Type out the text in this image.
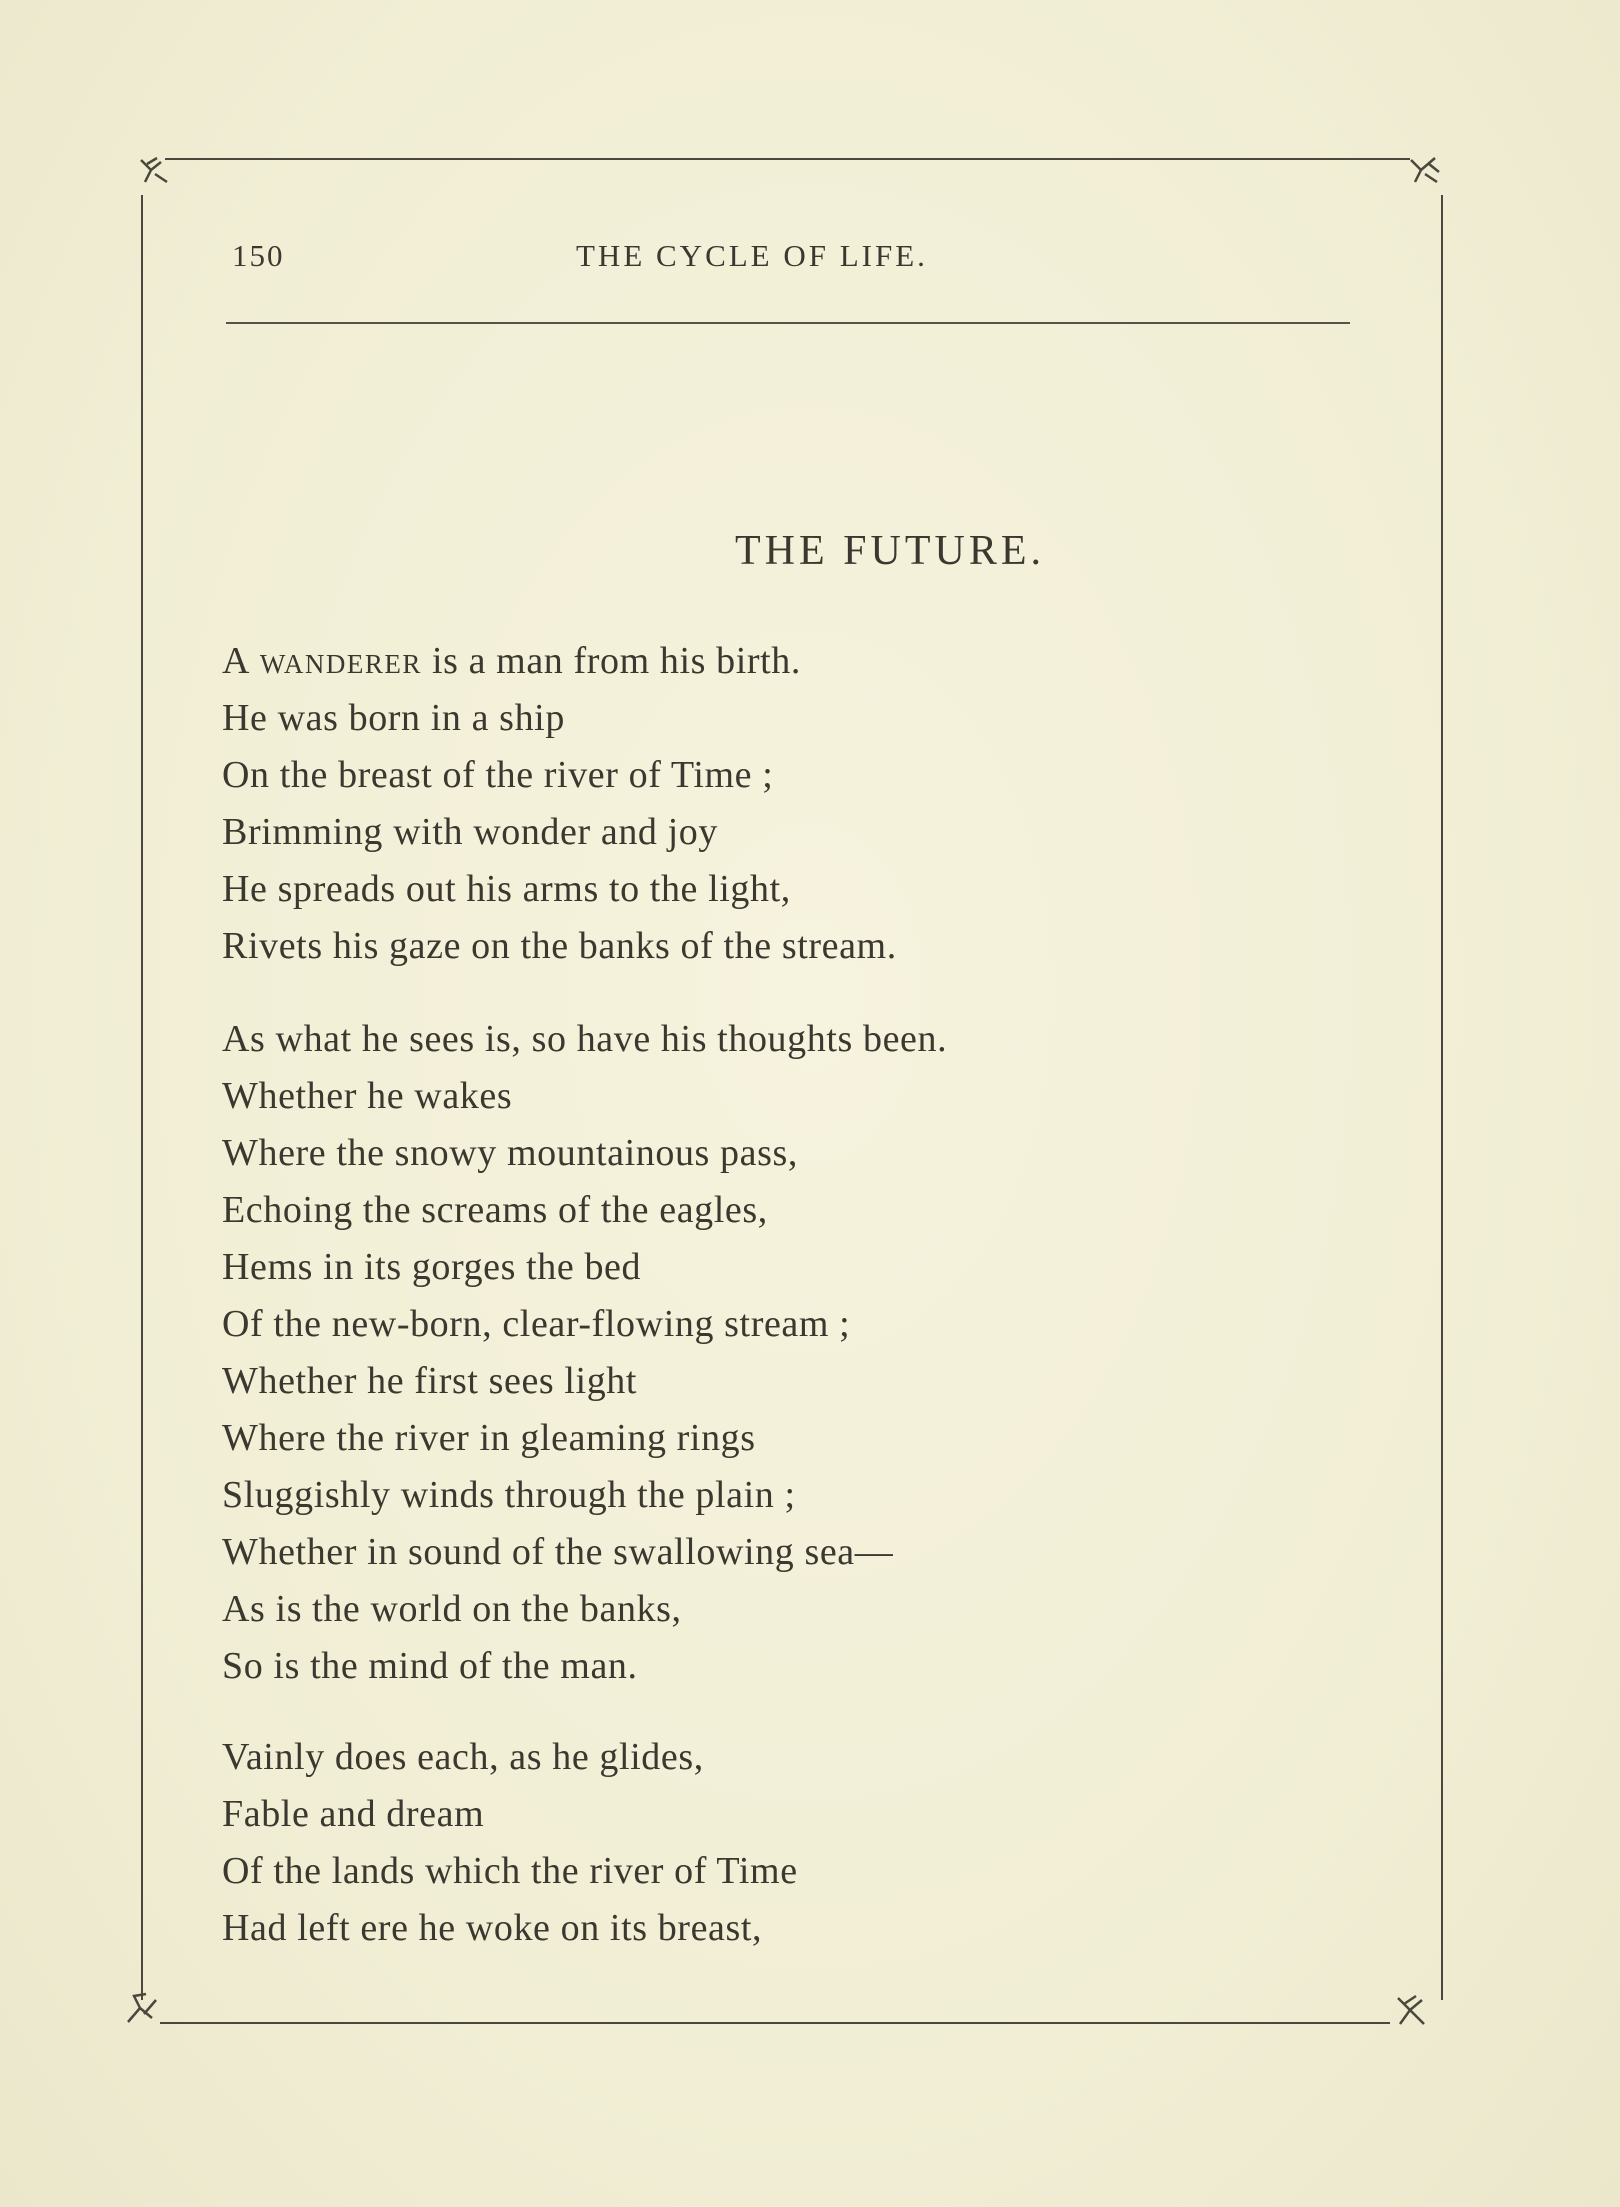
150	THE CYCLE OF LIFE.
THE FUTURE.
A wanderer is a man from his birth.
He was born in a ship
On the breast of the river of Time ;
Brimming with wonder and joy
He spreads out his arms to the light,
Rivets his gaze on the banks of the stream.
As what he sees is, so have his thoughts been.
Whether he wakes
Where the snowy mountainous pass,
Echoing the screams of the eagles,
Hems in its gorges the bed
Of the new-born, clear-flowing stream ;
Whether he first sees light
Where the river in gleaming rings
Sluggishly winds through the plain ;
Whether in sound of the swallowing sea—
As is the world on the banks,
So is the mind of the man.
Vainly does each, as he glides,
Fable and dream
Of the lands which the river of Time
Had left ere he woke on its breast,
